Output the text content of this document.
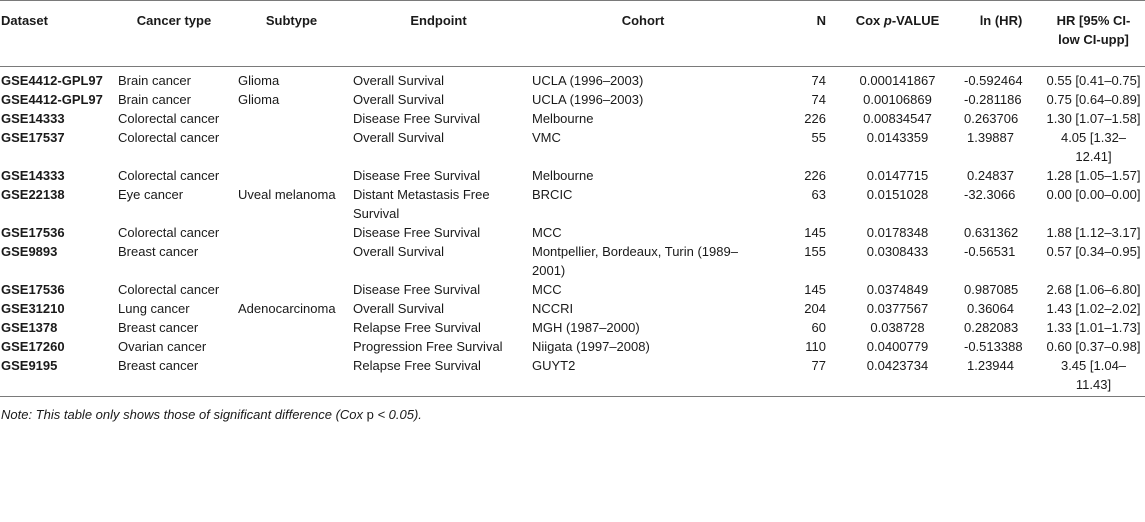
Dataset	Cancer type	Subtype	Endpoint	Cohort	N	Cox p-VALUE	ln (HR)	HR [95% CI-low CI-upp]
GSE4412-GPL97	Brain cancer	Glioma	Overall Survival	UCLA (1996–2003)	74	0.000141867	-0.592464	0.55 [0.41–0.75]
GSE4412-GPL97	Brain cancer	Glioma	Overall Survival	UCLA (1996–2003)	74	0.00106869	-0.281186	0.75 [0.64–0.89]
GSE14333	Colorectal cancer		Disease Free Survival	Melbourne	226	0.00834547	0.263706	1.30 [1.07–1.58]
GSE17537	Colorectal cancer		Overall Survival	VMC	55	0.0143359	1.39887	4.05 [1.32–12.41]
GSE14333	Colorectal cancer		Disease Free Survival	Melbourne	226	0.0147715	0.24837	1.28 [1.05–1.57]
GSE22138	Eye cancer	Uveal melanoma	Distant Metastasis Free Survival	BRCIC	63	0.0151028	-32.3066	0.00 [0.00–0.00]
GSE17536	Colorectal cancer		Disease Free Survival	MCC	145	0.0178348	0.631362	1.88 [1.12–3.17]
GSE9893	Breast cancer		Overall Survival	Montpellier, Bordeaux, Turin (1989–2001)	155	0.0308433	-0.56531	0.57 [0.34–0.95]
GSE17536	Colorectal cancer		Disease Free Survival	MCC	145	0.0374849	0.987085	2.68 [1.06–6.80]
GSE31210	Lung cancer	Adenocarcinoma	Overall Survival	NCCRI	204	0.0377567	0.36064	1.43 [1.02–2.02]
GSE1378	Breast cancer		Relapse Free Survival	MGH (1987–2000)	60	0.038728	0.282083	1.33 [1.01–1.73]
GSE17260	Ovarian cancer		Progression Free Survival	Niigata (1997–2008)	110	0.0400779	-0.513388	0.60 [0.37–0.98]
GSE9195	Breast cancer		Relapse Free Survival	GUYT2	77	0.0423734	1.23944	3.45 [1.04–11.43]
Note: This table only shows those of significant difference (Cox p < 0.05).
